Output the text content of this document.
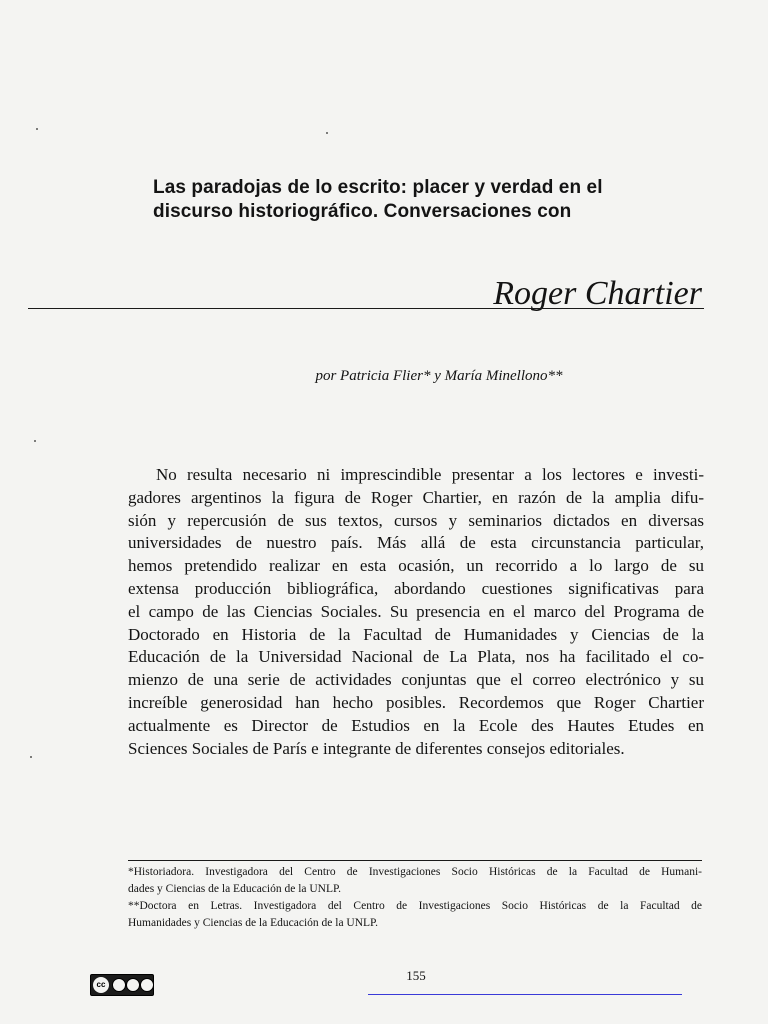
Las paradojas de lo escrito: placer y verdad en el
discurso historiográfico. Conversaciones con
Roger Chartier
por Patricia Flier* y María Minellono**
No resulta necesario ni imprescindible presentar a los lectores e investi-
gadores argentinos la figura de Roger Chartier, en razón de la amplia difu-
sión y repercusión de sus textos, cursos y seminarios dictados en diversas
universidades de nuestro país. Más allá de esta circunstancia particular,
hemos pretendido realizar en esta ocasión, un recorrido a lo largo de su
extensa producción bibliográfica, abordando cuestiones significativas para
el campo de las Ciencias Sociales. Su presencia en el marco del Programa de
Doctorado en Historia de la Facultad de Humanidades y Ciencias de la
Educación de la Universidad Nacional de La Plata, nos ha facilitado el co-
mienzo de una serie de actividades conjuntas que el correo electrónico y su
increíble generosidad han hecho posibles. Recordemos que Roger Chartier
actualmente es Director de Estudios en la Ecole des Hautes Etudes en
Sciences Sociales de París e integrante de diferentes consejos editoriales.
*Historiadora. Investigadora del Centro de Investigaciones Socio Históricas de la Facultad de Humani-
dades y Ciencias de la Educación de la UNLP.
**Doctora en Letras. Investigadora del Centro de Investigaciones Socio Históricas de la Facultad de
Humanidades y Ciencias de la Educación de la UNLP.
cc
155
